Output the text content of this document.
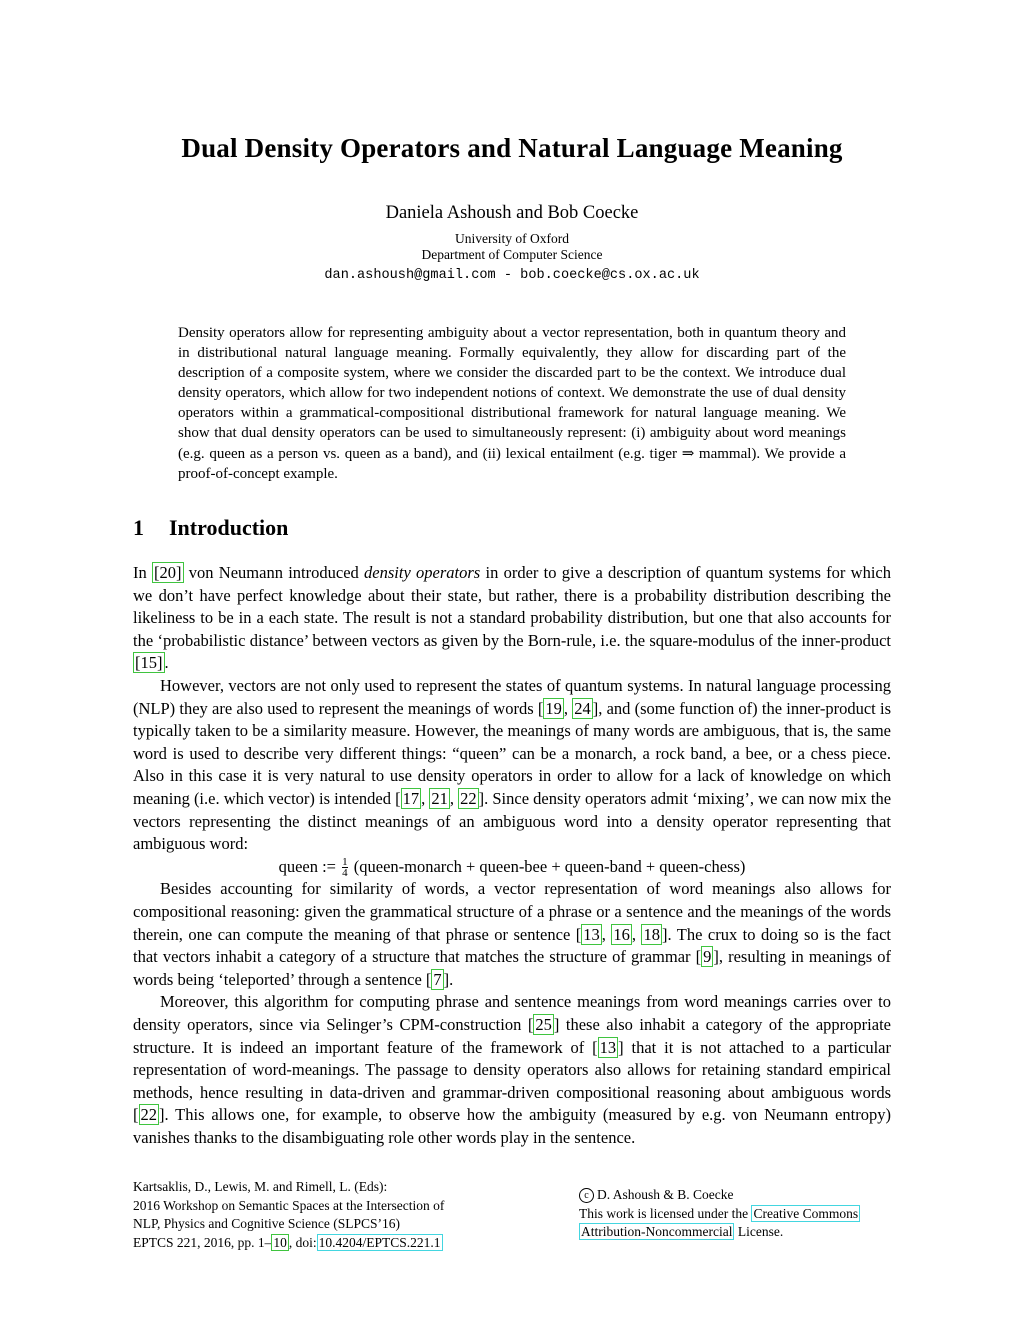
Dual Density Operators and Natural Language Meaning
Daniela Ashoush and Bob Coecke
University of Oxford
Department of Computer Science
dan.ashoush@gmail.com - bob.coecke@cs.ox.ac.uk

Density operators allow for representing ambiguity about a vector representation, both in quantum theory and in distributional natural language meaning. Formally equivalently, they allow for discarding part of the description of a composite system, where we consider the discarded part to be the context. We introduce dual density operators, which allow for two independent notions of context. We demonstrate the use of dual density operators within a grammatical-compositional distributional framework for natural language meaning. We show that dual density operators can be used to simultaneously represent: (i) ambiguity about word meanings (e.g. queen as a person vs. queen as a band), and (ii) lexical entailment (e.g. tiger ⇒ mammal). We provide a proof-of-concept example.

1 Introduction

In [20] von Neumann introduced density operators in order to give a description of quantum systems for which we don’t have perfect knowledge about their state, but rather, there is a probability distribution describing the likeliness to be in a each state. The result is not a standard probability distribution, but one that also accounts for the ‘probabilistic distance’ between vectors as given by the Born-rule, i.e. the square-modulus of the inner-product [15] .

However, vectors are not only used to represent the states of quantum systems. In natural language processing (NLP) they are also used to represent the meanings of words [ 19 , 24 ], and (some function of) the inner-product is typically taken to be a similarity measure. However, the meanings of many words are ambiguous, that is, the same word is used to describe very different things: “queen” can be a monarch, a rock band, a bee, or a chess piece. Also in this case it is very natural to use density operators in order to allow for a lack of knowledge on which meaning (i.e. which vector) is intended [ 17 , 21 , 22 ]. Since density operators admit ‘mixing’, we can now mix the vectors representing the distinct meanings of an ambiguous word into a density operator representing that ambiguous word:

queen := $\frac{1}{4}$ (queen-monarch + queen-bee + queen-band + queen-chess)

Besides accounting for similarity of words, a vector representation of word meanings also allows for compositional reasoning: given the grammatical structure of a phrase or a sentence and the meanings of the words therein, one can compute the meaning of that phrase or sentence [ 13 , 16 , 18 ]. The crux to doing so is the fact that vectors inhabit a category of a structure that matches the structure of grammar [ 9 ], resulting in meanings of words being ‘teleported’ through a sentence [ 7 ].

Moreover, this algorithm for computing phrase and sentence meanings from word meanings carries over to density operators, since via Selinger’s CPM-construction [ 25 ] these also inhabit a category of the appropriate structure. It is indeed an important feature of the framework of [ 13 ] that it is not attached to a particular representation of word-meanings. The passage to density operators also allows for retaining standard empirical methods, hence resulting in data-driven and grammar-driven compositional reasoning about ambiguous words [ 22 ]. This allows one, for example, to observe how the ambiguity (measured by e.g. von Neumann entropy) vanishes thanks to the disambiguating role other words play in the sentence.

Kartsaklis, D., Lewis, M. and Rimell, L. (Eds):
2016 Workshop on Semantic Spaces at the Intersection of
NLP, Physics and Cognitive Science (SLPCS’16)
EPTCS 221, 2016, pp. 1– 10 , doi: 10.4204/EPTCS.221.1
c D. Ashoush & B. Coecke
This work is licensed under the Creative Commons
Attribution-Noncommercial License.
